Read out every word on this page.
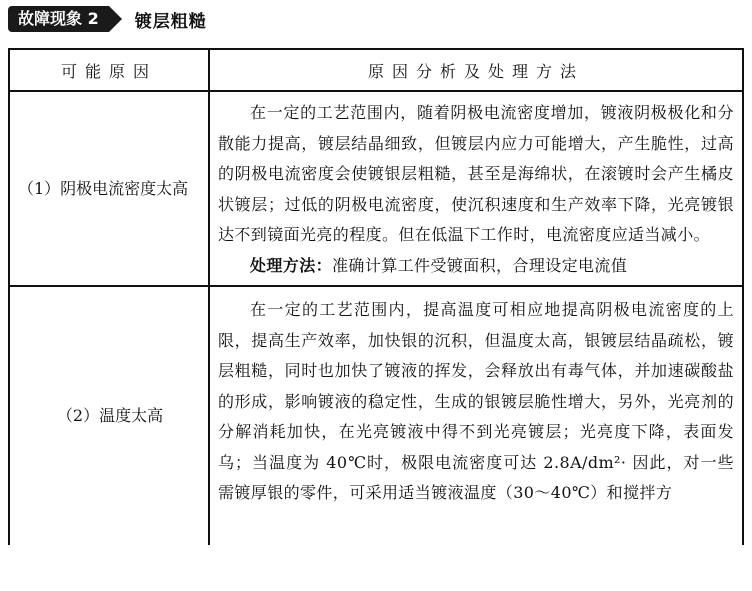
故障现象 2	镀层粗糙
可能原因	原因分析及处理方法
（1）阴极电流密度太高	在一定的工艺范围内，随着阴极电流密度增加，镀液阴极极化和分散能力提高，镀层结晶细致，但镀层内应力可能增大，产生脆性，过高的阴极电流密度会使镀银层粗糙，甚至是海绵状，在滚镀时会产生橘皮状镀层；过低的阴极电流密度，使沉积速度和生产效率下降，光亮镀银达不到镜面光亮的程度。但在低温下工作时，电流密度应适当减小。

处理方法：准确计算工件受镀面积，合理设定电流值

（2）温度太高	在一定的工艺范围内，提高温度可相应地提高阴极电流密度的上限，提高生产效率，加快银的沉积，但温度太高，银镀层结晶疏松，镀层粗糙，同时也加快了镀液的挥发，会释放出有毒气体，并加速碳酸盐的形成，影响镀液的稳定性，生成的银镀层脆性增大，另外，光亮剂的分解消耗加快，在光亮镀液中得不到光亮镀层；光亮度下降，表面发乌；当温度为 40℃时，极限电流密度可达 2.8A/dm²· 因此，对一些需镀厚银的零件，可采用适当镀液温度（30～40℃）和搅拌方
